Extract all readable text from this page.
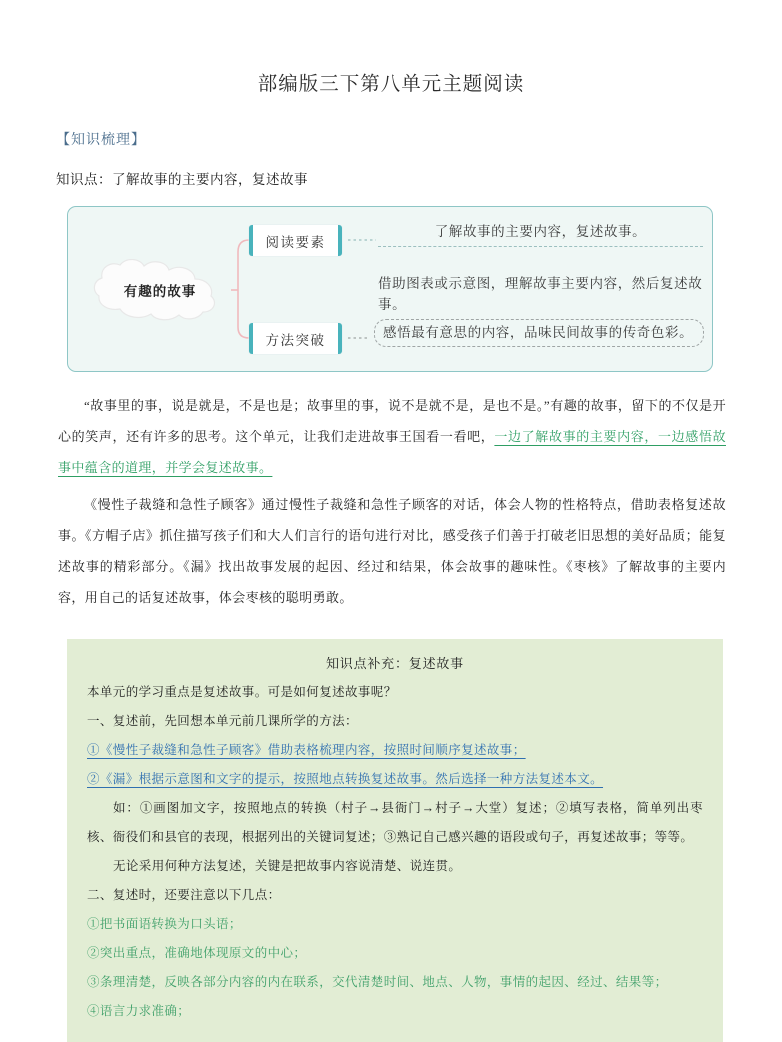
部编版三下第八单元主题阅读
【知识梳理】
知识点：了解故事的主要内容，复述故事
有趣的故事
阅读要素
方法突破
了解故事的主要内容，复述故事。
借助图表或示意图，理解故事主要内容，然后复述故事。
感悟最有意思的内容，品味民间故事的传奇色彩。

“故事里的事，说是就是，不是也是；故事里的事，说不是就不是，是也不是。”有趣的故事，留下的不仅是开心的笑声，还有许多的思考。这个单元，让我们走进故事王国看一看吧，一边了解故事的主要内容，一边感悟故事中蕴含的道理，并学会复述故事。

《慢性子裁缝和急性子顾客》通过慢性子裁缝和急性子顾客的对话，体会人物的性格特点，借助表格复述故事。《方帽子店》抓住描写孩子们和大人们言行的语句进行对比，感受孩子们善于打破老旧思想的美好品质；能复述故事的精彩部分。《漏》找出故事发展的起因、经过和结果，体会故事的趣味性。《枣核》了解故事的主要内容，用自己的话复述故事，体会枣核的聪明勇敢。

知识点补充：复述故事

本单元的学习重点是复述故事。可是如何复述故事呢？

一、复述前，先回想本单元前几课所学的方法：

①《慢性子裁缝和急性子顾客》借助表格梳理内容，按照时间顺序复述故事；

②《漏》根据示意图和文字的提示，按照地点转换复述故事。然后选择一种方法复述本文。

如：①画图加文字，按照地点的转换（村子→县衙门→村子→大堂）复述；②填写表格，简单列出枣核、衙役们和县官的表现，根据列出的关键词复述；③熟记自己感兴趣的语段或句子，再复述故事；等等。

无论采用何种方法复述，关键是把故事内容说清楚、说连贯。

二、复述时，还要注意以下几点：

①把书面语转换为口头语；

②突出重点，准确地体现原文的中心；

③条理清楚，反映各部分内容的内在联系，交代清楚时间、地点、人物，事情的起因、经过、结果等；

④语言力求准确；
